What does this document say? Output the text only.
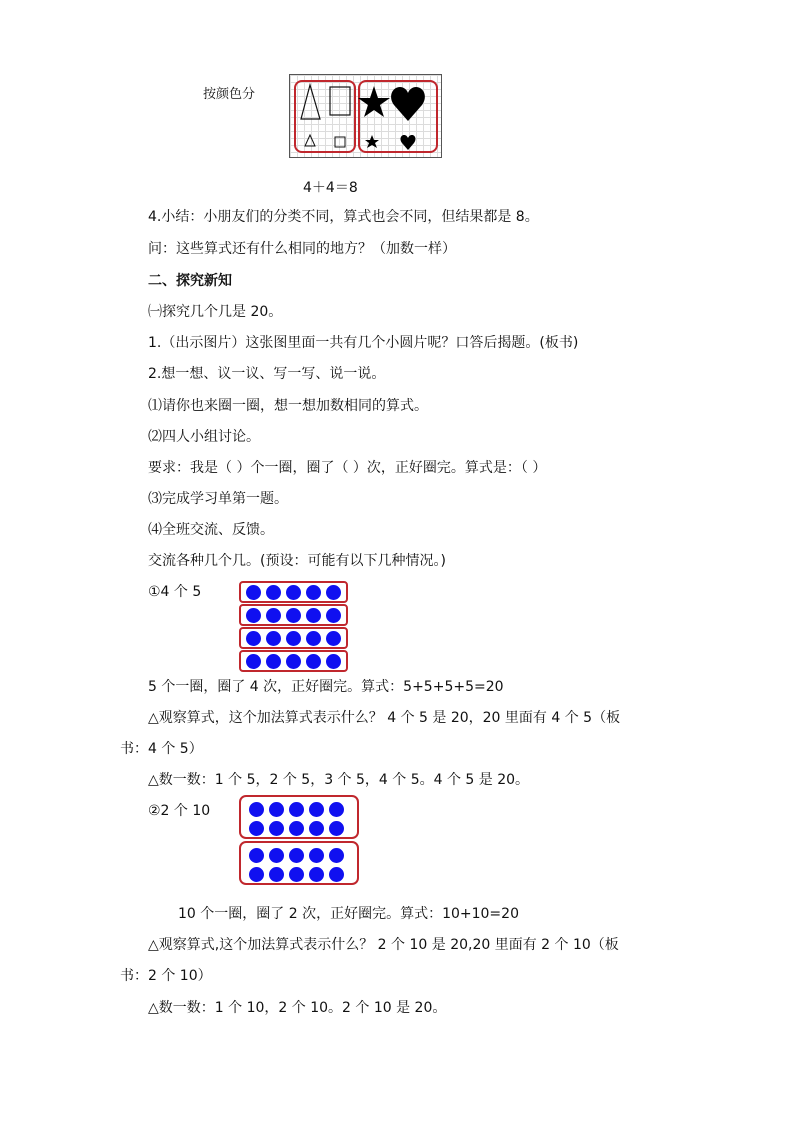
按颜色分
4＋4＝8
4.小结：小朋友们的分类不同，算式也会不同，但结果都是 8。
问：这些算式还有什么相同的地方？（加数一样）
二、探究新知
㈠探究几个几是 20。
1.（出示图片）这张图里面一共有几个小圆片呢？口答后揭题。(板书)
2.想一想、议一议、写一写、说一说。
⑴请你也来圈一圈，想一想加数相同的算式。
⑵四人小组讨论。
要求：我是（ ）个一圈，圈了（ ）次，正好圈完。算式是：（ ）
⑶完成学习单第一题。
⑷全班交流、反馈。
交流各种几个几。(预设：可能有以下几种情况。)
①4 个 5
5 个一圈，圈了 4 次，正好圈完。算式：5+5+5+5=20
△观察算式，这个加法算式表示什么？ 4 个 5 是 20，20 里面有 4 个 5（板
书：4 个 5）
△数一数：1 个 5，2 个 5，3 个 5，4 个 5。4 个 5 是 20。
②2 个 10
10 个一圈，圈了 2 次，正好圈完。算式：10+10=20
△观察算式,这个加法算式表示什么？ 2 个 10 是 20,20 里面有 2 个 10（板
书：2 个 10）
△数一数：1 个 10，2 个 10。2 个 10 是 20。
